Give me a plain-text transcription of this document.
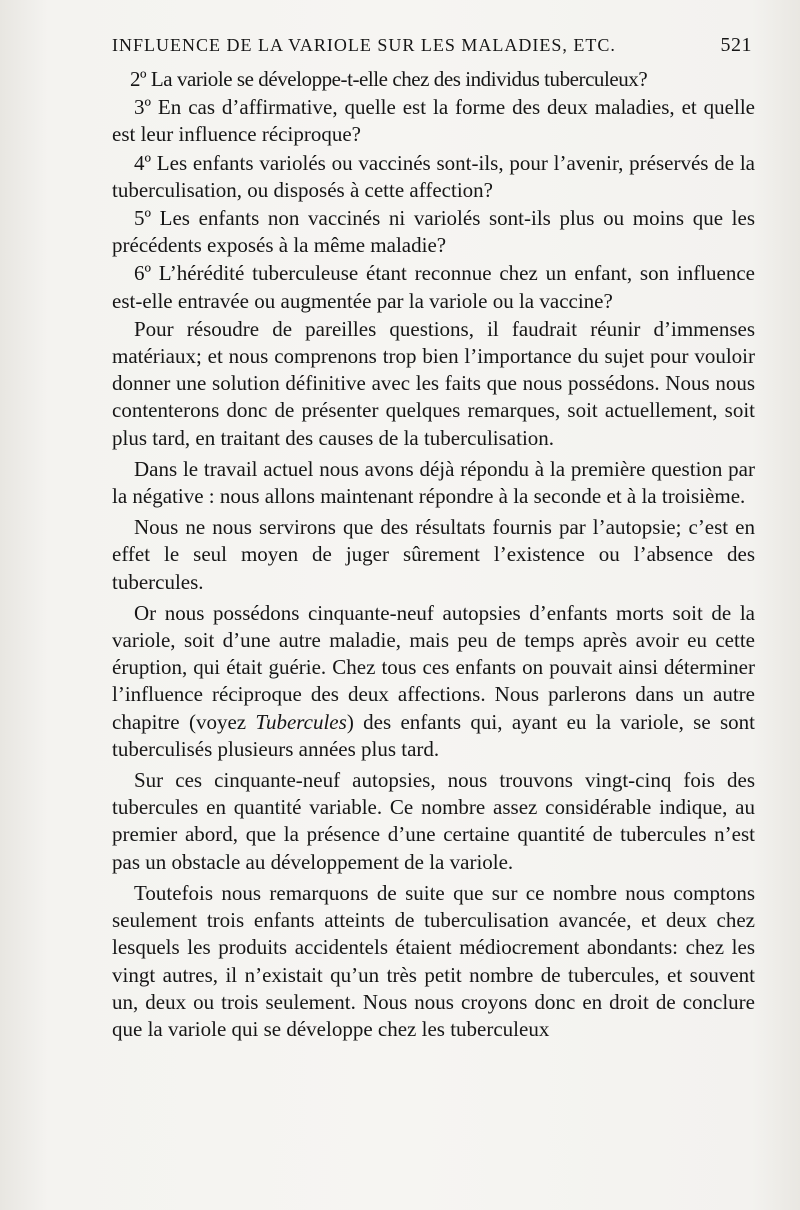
INFLUENCE DE LA VARIOLE SUR LES MALADIES, ETC.	521

2º La variole se développe-t-elle chez des individus tuberculeux?

3º En cas d’affirmative, quelle est la forme des deux maladies, et quelle est leur influence réciproque?

4º Les enfants variolés ou vaccinés sont-ils, pour l’avenir, préservés de la tuberculisation, ou disposés à cette affection?

5º Les enfants non vaccinés ni variolés sont-ils plus ou moins que les précédents exposés à la même maladie?

6º L’hérédité tuberculeuse étant reconnue chez un enfant, son influence est-elle entravée ou augmentée par la variole ou la vaccine?

Pour résoudre de pareilles questions, il faudrait réunir d’immenses matériaux; et nous comprenons trop bien l’importance du sujet pour vouloir donner une solution définitive avec les faits que nous possédons. Nous nous contenterons donc de présenter quelques remarques, soit actuellement, soit plus tard, en traitant des causes de la tuberculisation.

Dans le travail actuel nous avons déjà répondu à la première question par la négative : nous allons maintenant répondre à la seconde et à la troisième.

Nous ne nous servirons que des résultats fournis par l’autopsie; c’est en effet le seul moyen de juger sûrement l’existence ou l’absence des tubercules.

Or nous possédons cinquante-neuf autopsies d’enfants morts soit de la variole, soit d’une autre maladie, mais peu de temps après avoir eu cette éruption, qui était guérie. Chez tous ces enfants on pouvait ainsi déterminer l’influence réciproque des deux affections. Nous parlerons dans un autre chapitre (voyez Tubercules) des enfants qui, ayant eu la variole, se sont tuberculisés plusieurs années plus tard.

Sur ces cinquante-neuf autopsies, nous trouvons vingt-cinq fois des tubercules en quantité variable. Ce nombre assez considérable indique, au premier abord, que la présence d’une certaine quantité de tubercules n’est pas un obstacle au développement de la variole.

Toutefois nous remarquons de suite que sur ce nombre nous comptons seulement trois enfants atteints de tuberculisation avancée, et deux chez lesquels les produits accidentels étaient médiocrement abondants: chez les vingt autres, il n’existait qu’un très petit nombre de tubercules, et souvent un, deux ou trois seulement. Nous nous croyons donc en droit de conclure que la variole qui se développe chez les tuberculeux
